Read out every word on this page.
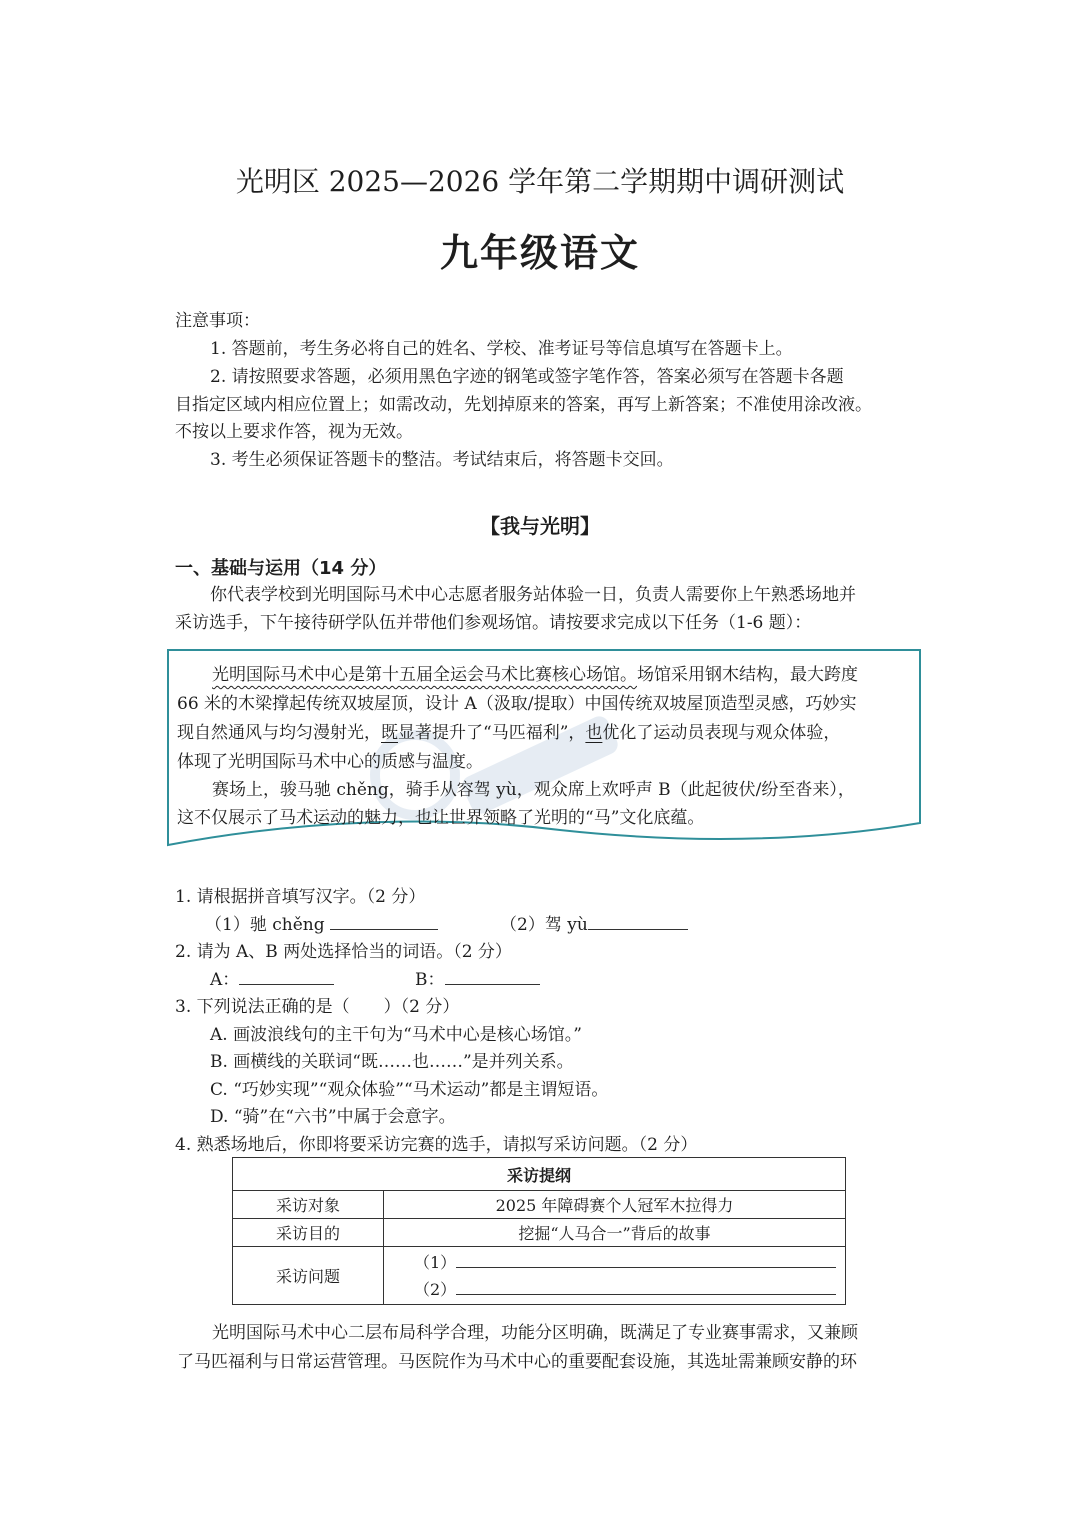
光明区 2025—2026 学年第二学期期中调研测试
九年级语文
注意事项：
1. 答题前，考生务必将自己的姓名、学校、准考证号等信息填写在答题卡上。
2. 请按照要求答题，必须用黑色字迹的钢笔或签字笔作答，答案必须写在答题卡各题
目指定区域内相应位置上；如需改动，先划掉原来的答案，再写上新答案；不准使用涂改液。
不按以上要求作答，视为无效。
3. 考生必须保证答题卡的整洁。考试结束后，将答题卡交回。
【我与光明】
一、基础与运用（14 分）
你代表学校到光明国际马术中心志愿者服务站体验一日，负责人需要你上午熟悉场地并
采访选手，下午接待研学队伍并带他们参观场馆。请按要求完成以下任务（1-6 题）：
光明国际马术中心是第十五届全运会马术比赛核心场馆。场馆采用钢木结构，最大跨度
66 米的木梁撑起传统双坡屋顶，设计 A（汲取/提取）中国传统双坡屋顶造型灵感，巧妙实
现自然通风与均匀漫射光，既显著提升了“马匹福利”，也优化了运动员表现与观众体验，
体现了光明国际马术中心的质感与温度。
赛场上，骏马驰 chěng，骑手从容驾 yù，观众席上欢呼声 B（此起彼伏/纷至沓来），
这不仅展示了马术运动的魅力，也让世界领略了光明的“马”文化底蕴。
1. 请根据拼音填写汉字。（2 分）
（1）驰 chěng	（2）驾 yù
2. 请为 A、B 两处选择恰当的词语。（2 分）
A：	B：
3. 下列说法正确的是（　　）（2 分）
A. 画波浪线句的主干句为“马术中心是核心场馆。”
B. 画横线的关联词“既……也……”是并列关系。
C. “巧妙实现”“观众体验”“马术运动”都是主谓短语。
D. “骑”在“六书”中属于会意字。
4. 熟悉场地后，你即将要采访完赛的选手，请拟写采访问题。（2 分）
采访提纲	
采访对象	2025 年障碍赛个人冠军木拉得力
采访目的	挖掘“人马合一”背后的故事
采访问题	（1）
（2）
光明国际马术中心二层布局科学合理，功能分区明确，既满足了专业赛事需求，又兼顾
了马匹福利与日常运营管理。马医院作为马术中心的重要配套设施，其选址需兼顾安静的环
